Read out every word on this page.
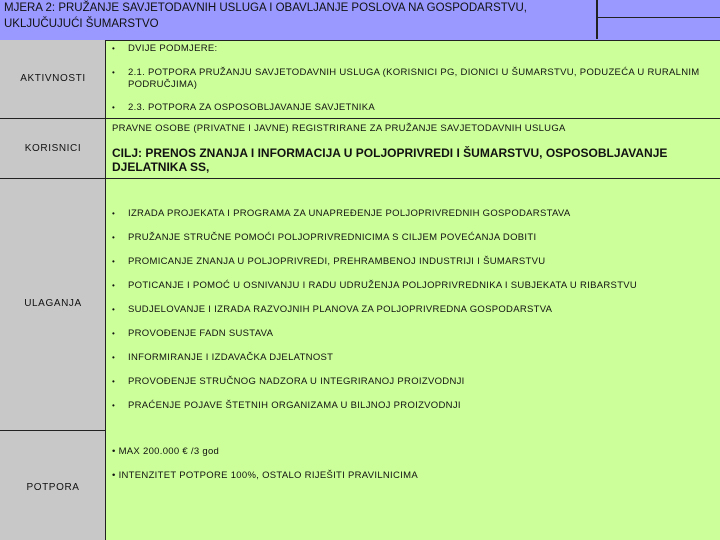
MJERA 2: PRUŽANJE SAVJETODAVNIH USLUGA I OBAVLJANJE POSLOVA NA GOSPODARSTVU, UKLJUČUJUĆI ŠUMARSTVO
AKTIVNOSTI
• DVIJE PODMJERE:
• 2.1. POTPORA PRUŽANJU SAVJETODAVNIH USLUGA (KORISNICI PG, DIONICI U ŠUMARSTVU, PODUZEĆA U RURALNIM PODRUČJIMA)
• 2.3. POTPORA ZA OSPOSOBLJAVANJE SAVJETNIKA
KORISNICI
PRAVNE OSOBE (PRIVATNE I JAVNE) REGISTRIRANE ZA PRUŽANJE SAVJETODAVNIH USLUGA
CILJ: PRENOS ZNANJA I INFORMACIJA U POLJOPRIVREDI I ŠUMARSTVU, OSPOSOBLJAVANJE DJELATNIKA SS,
ULAGANJA
• IZRADA PROJEKATA I PROGRAMA ZA UNAPREĐENJE POLJOPRIVREDNIH GOSPODARSTAVA
• PRUŽANJE STRUČNE POMOĆI POLJOPRIVREDNICIMA S CILJEM POVEĆANJA DOBITI
• PROMICANJE ZNANJA U POLJOPRIVREDI, PREHRAMBENOJ INDUSTRIJI I ŠUMARSTVU
• POTICANJE I POMOĆ U OSNIVANJU I RADU UDRUŽENJA POLJOPRIVREDNIKA I SUBJEKATA U RIBARSTVU
• SUDJELOVANJE I IZRADA RAZVOJNIH PLANOVA ZA POLJOPRIVREDNA GOSPODARSTVA
• PROVOĐENJE FADN SUSTAVA
• INFORMIRANJE I IZDAVAČKA DJELATNOST
• PROVOĐENJE STRUČNOG NADZORA U INTEGRIRANOJ PROIZVODNJI
• PRAĆENJE POJAVE ŠTETNIH ORGANIZAMA U BILJNOJ PROIZVODNJI
POTPORA
• MAX 200.000 € /3 god
• INTENZITET POTPORE 100%, OSTALO RIJEŠITI PRAVILNICIMA
